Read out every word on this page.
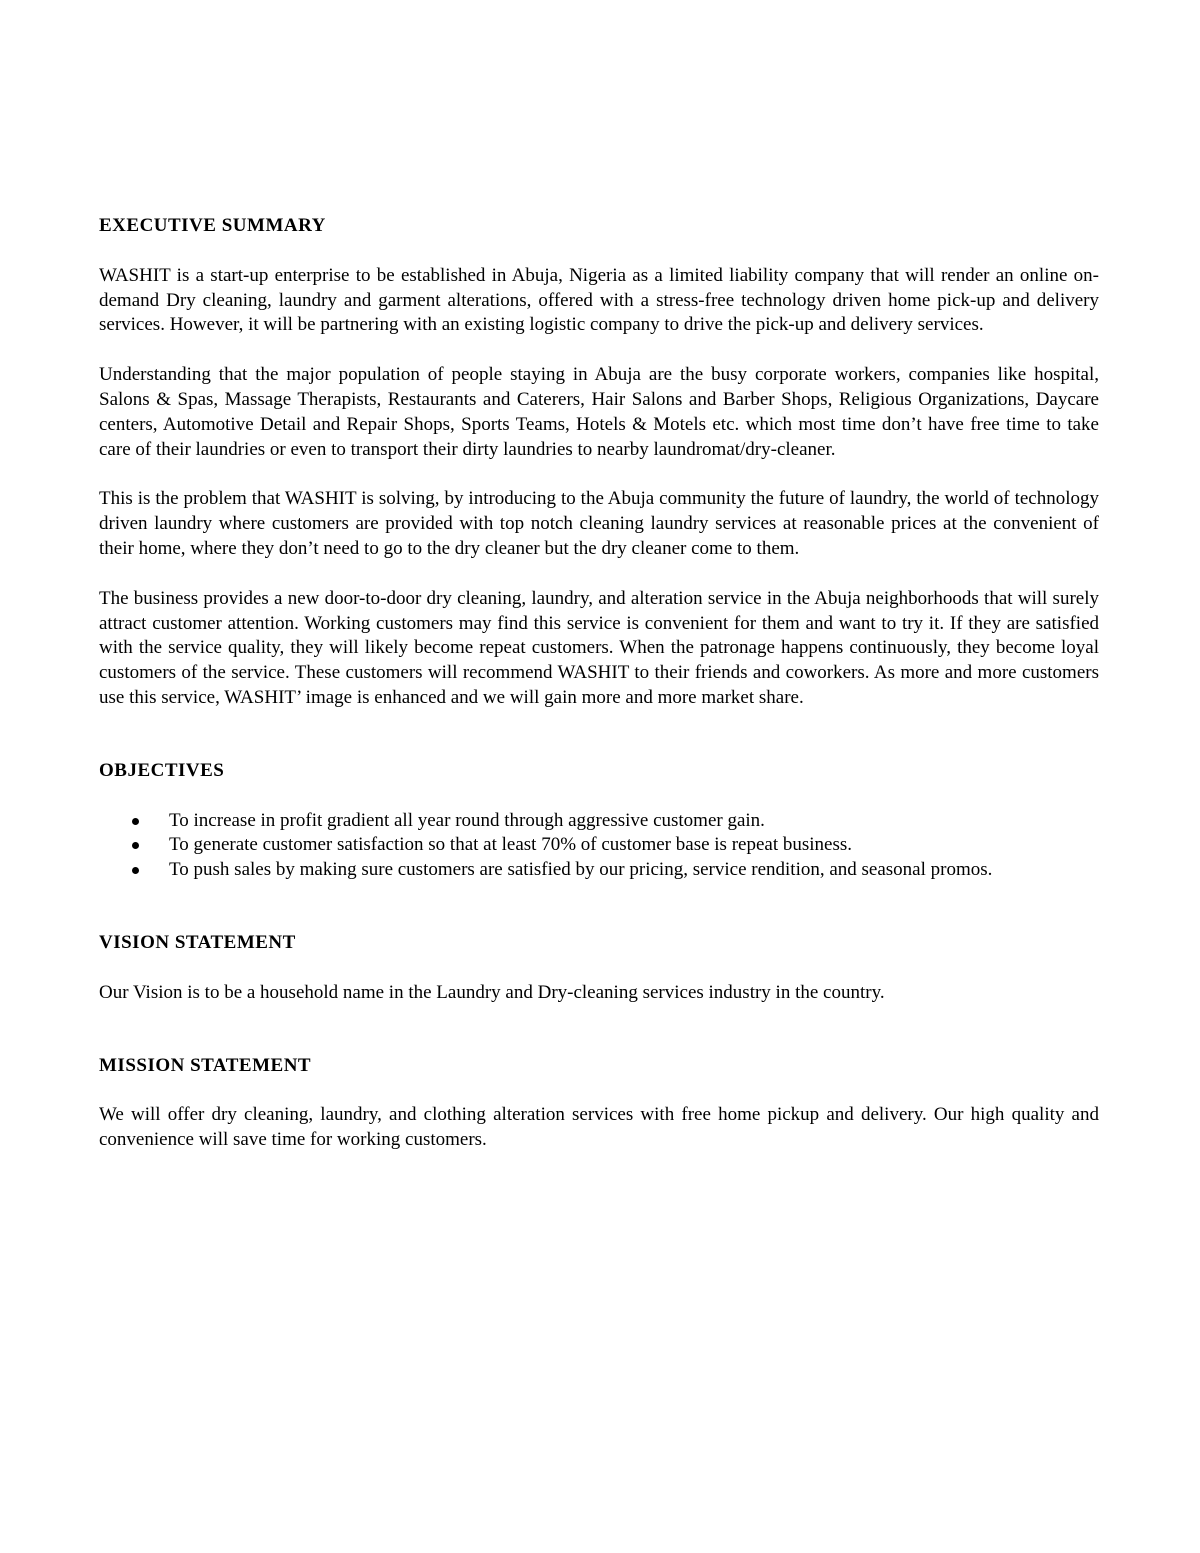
EXECUTIVE SUMMARY

WASHIT is a start-up enterprise to be established in Abuja, Nigeria as a limited liability company that will render an online on-demand Dry cleaning, laundry and garment alterations, offered with a stress-free technology driven home pick-up and delivery services. However, it will be partnering with an existing logistic company to drive the pick-up and delivery services.

Understanding that the major population of people staying in Abuja are the busy corporate workers, companies like hospital, Salons & Spas, Massage Therapists, Restaurants and Caterers, Hair Salons and Barber Shops, Religious Organizations, Daycare centers, Automotive Detail and Repair Shops, Sports Teams, Hotels & Motels etc. which most time don’t have free time to take care of their laundries or even to transport their dirty laundries to nearby laundromat/dry-cleaner.

This is the problem that WASHIT is solving, by introducing to the Abuja community the future of laundry, the world of technology driven laundry where customers are provided with top notch cleaning laundry services at reasonable prices at the convenient of their home, where they don’t need to go to the dry cleaner but the dry cleaner come to them.

The business provides a new door-to-door dry cleaning, laundry, and alteration service in the Abuja neighborhoods that will surely attract customer attention. Working customers may find this service is convenient for them and want to try it. If they are satisfied with the service quality, they will likely become repeat customers. When the patronage happens continuously, they become loyal customers of the service. These customers will recommend WASHIT to their friends and coworkers. As more and more customers use this service, WASHIT’ image is enhanced and we will gain more and more market share.

OBJECTIVES
To increase in profit gradient all year round through aggressive customer gain.
To generate customer satisfaction so that at least 70% of customer base is repeat business.
To push sales by making sure customers are satisfied by our pricing, service rendition, and seasonal promos.
VISION STATEMENT

Our Vision is to be a household name in the Laundry and Dry-cleaning services industry in the country.

MISSION STATEMENT

We will offer dry cleaning, laundry, and clothing alteration services with free home pickup and delivery. Our high quality and convenience will save time for working customers.
